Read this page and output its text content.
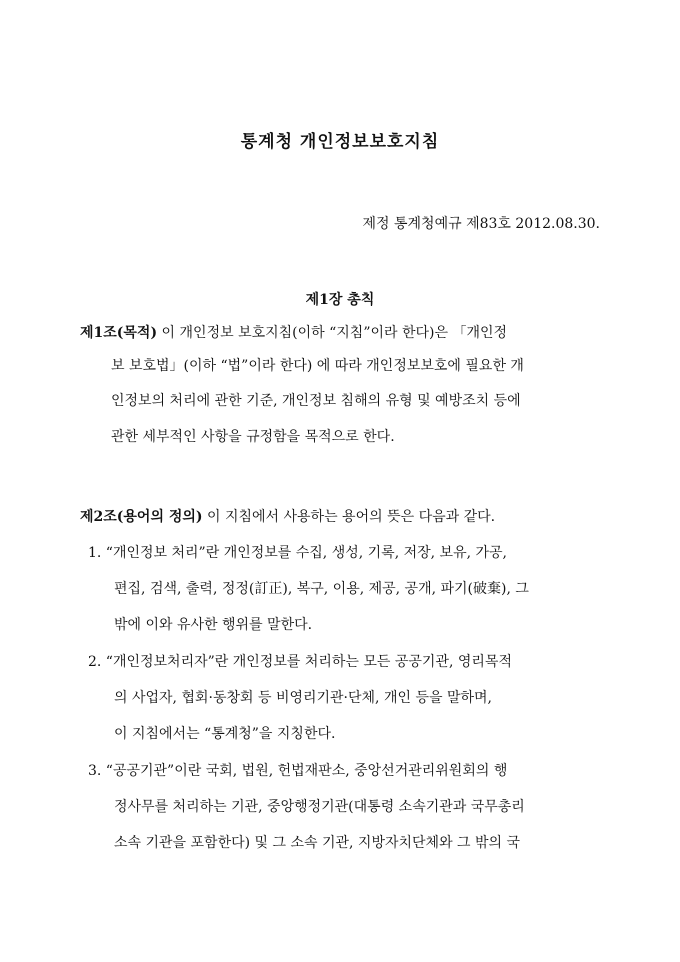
통계청 개인정보보호지침
제정 통계청예규 제83호 2012.08.30.
제1장 총칙
제1조(목적) 이 개인정보 보호지침(이하 “지침”이라 한다)은 「개인정
보 보호법」(이하 “법”이라 한다) 에 따라 개인정보보호에 필요한 개
인정보의 처리에 관한 기준, 개인정보 침해의 유형 및 예방조치 등에
관한 세부적인 사항을 규정함을 목적으로 한다.
제2조(용어의 정의) 이 지침에서 사용하는 용어의 뜻은 다음과 같다.
1. “개인정보 처리”란 개인정보를 수집, 생성, 기록, 저장, 보유, 가공,
편집, 검색, 출력, 정정(訂正), 복구, 이용, 제공, 공개, 파기(破棄), 그
밖에 이와 유사한 행위를 말한다.
2. “개인정보처리자”란 개인정보를 처리하는 모든 공공기관, 영리목적
의 사업자, 협회·동창회 등 비영리기관·단체, 개인 등을 말하며,
이 지침에서는 “통계청”을 지칭한다.
3. “공공기관”이란 국회, 법원, 헌법재판소, 중앙선거관리위원회의 행
정사무를 처리하는 기관, 중앙행정기관(대통령 소속기관과 국무총리
소속 기관을 포함한다) 및 그 소속 기관, 지방자치단체와 그 밖의 국
